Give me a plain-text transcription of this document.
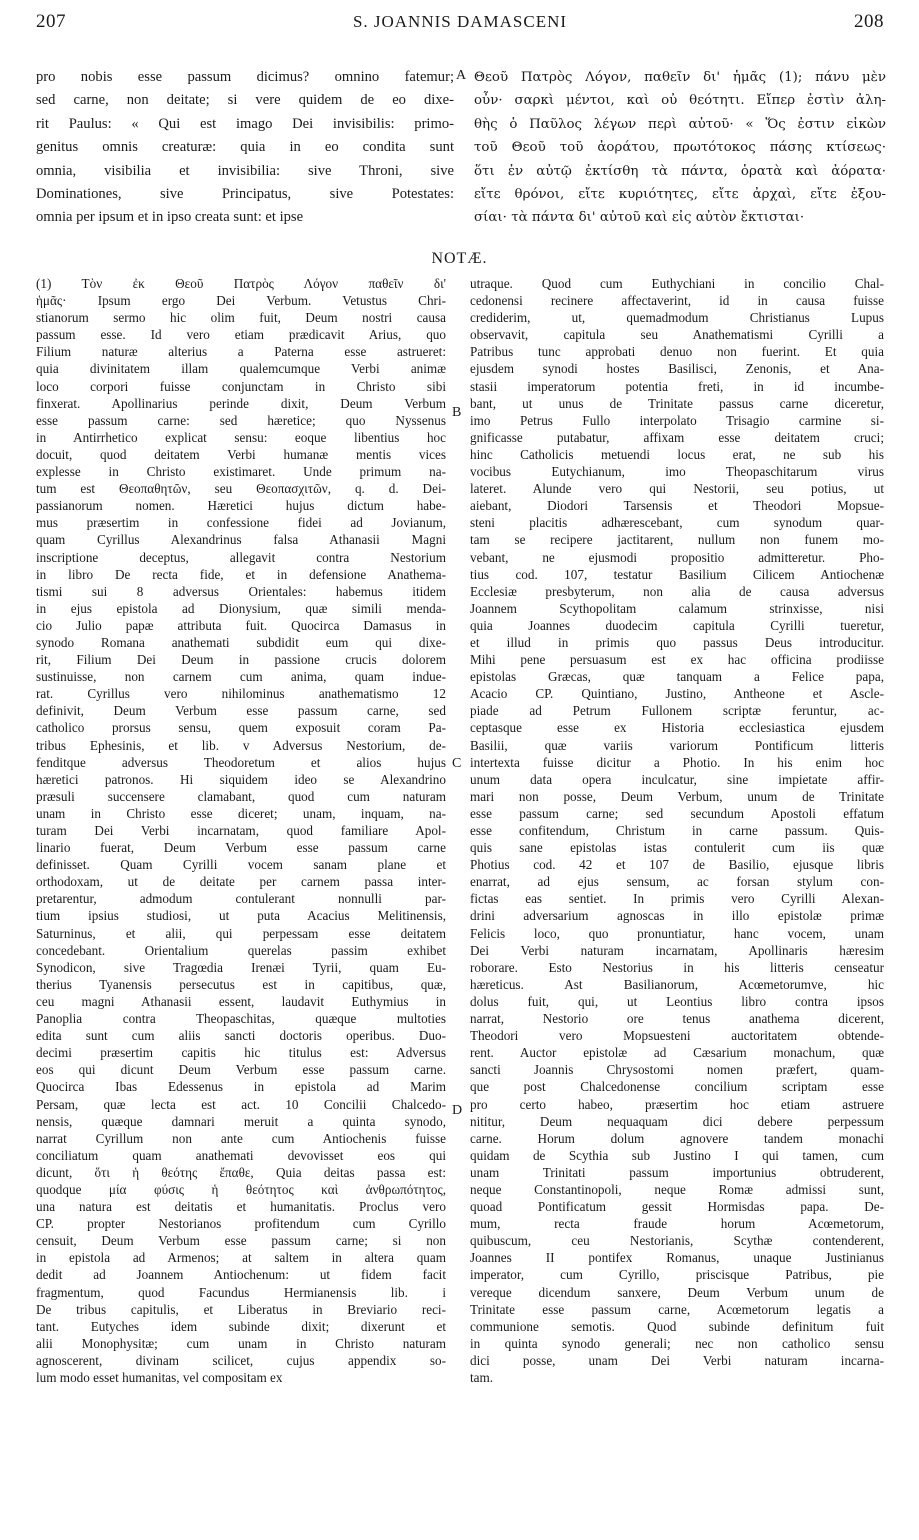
207	S. JOANNIS DAMASCENI	208
pro nobis esse passum dicimus? omnino fatemur;
sed carne, non deitate; si vere quidem de eo dixe-
rit Paulus: « Qui est imago Dei invisibilis: primo-
genitus omnis creaturæ: quia in eo condita sunt
omnia, visibilia et invisibilia: sive Throni, sive
Dominationes, sive Principatus, sive Potestates:
omnia per ipsum et in ipso creata sunt: et ipse
Θεοῦ Πατρὸς Λόγον, παθεῖν δι' ἡμᾶς (1); πάνυ μὲν
οὖν· σαρκὶ μέντοι, καὶ οὐ θεότητι. Εἴπερ ἐστὶν ἀλη-
θὴς ὁ Παῦλος λέγων περὶ αὐτοῦ· « Ὅς ἐστιν εἰκὼν
τοῦ Θεοῦ τοῦ ἀοράτου, πρωτότοκος πάσης κτίσεως·
ὅτι ἐν αὐτῷ ἐκτίσθη τὰ πάντα, ὁρατὰ καὶ ἀόρατα·
εἴτε θρόνοι, εἴτε κυριότητες, εἴτε ἀρχαὶ, εἴτε ἐξου-
σίαι· τὰ πάντα δι' αὐτοῦ καὶ εἰς αὐτὸν ἔκτισται·
A
B
C
D
NOTÆ.
(1) Τὸν ἐκ Θεοῦ Πατρὸς Λόγον παθεῖν δι'
ἡμᾶς· Ipsum ergo Dei Verbum. Vetustus Chri-
stianorum sermo hic olim fuit, Deum nostri causa
passum esse. Id vero etiam prædicavit Arius, quo
Filium naturæ alterius a Paterna esse astrueret:
quia divinitatem illam qualemcumque Verbi animæ
loco corpori fuisse conjunctam in Christo sibi
finxerat. Apollinarius perinde dixit, Deum Verbum
esse passum carne: sed hæretice; quo Nyssenus
in Antirrhetico explicat sensu: eoque libentius hoc
docuit, quod deitatem Verbi humanæ mentis vices
explesse in Christo existimaret. Unde primum na-
tum est Θεοπαθητῶν, seu Θεοπασχιτῶν, q. d. Dei-
passianorum nomen. Hæretici hujus dictum habe-
mus præsertim in confessione fidei ad Jovianum,
quam Cyrillus Alexandrinus falsa Athanasii Magni
inscriptione deceptus, allegavit contra Nestorium
in libro De recta fide, et in defensione Anathema-
tismi sui 8 adversus Orientales: habemus itidem
in ejus epistola ad Dionysium, quæ simili menda-
cio Julio papæ attributa fuit. Quocirca Damasus in
synodo Romana anathemati subdidit eum qui dixe-
rit, Filium Dei Deum in passione crucis dolorem
sustinuisse, non carnem cum anima, quam indue-
rat. Cyrillus vero nihilominus anathematismo 12
definivit, Deum Verbum esse passum carne, sed
catholico prorsus sensu, quem exposuit coram Pa-
tribus Ephesinis, et lib. v Adversus Nestorium, de-
fenditque adversus Theodoretum et alios hujus
hæretici patronos. Hi siquidem ideo se Alexandrino
præsuli succensere clamabant, quod cum naturam
unam in Christo esse diceret; unam, inquam, na-
turam Dei Verbi incarnatam, quod familiare Apol-
linario fuerat, Deum Verbum esse passum carne
definisset. Quam Cyrilli vocem sanam plane et
orthodoxam, ut de deitate per carnem passa inter-
pretarentur, admodum contulerant nonnulli par-
tium ipsius studiosi, ut puta Acacius Melitinensis,
Saturninus, et alii, qui perpessam esse deitatem
concedebant. Orientalium querelas passim exhibet
Synodicon, sive Tragœdia Irenæi Tyrii, quam Eu-
therius Tyanensis persecutus est in capitibus, quæ,
ceu magni Athanasii essent, laudavit Euthymius in
Panoplia contra Theopaschitas, quæque multoties
edita sunt cum aliis sancti doctoris operibus. Duo-
decimi præsertim capitis hic titulus est: Adversus
eos qui dicunt Deum Verbum esse passum carne.
Quocirca Ibas Edessenus in epistola ad Marim
Persam, quæ lecta est act. 10 Concilii Chalcedo-
nensis, quæque damnari meruit a quinta synodo,
narrat Cyrillum non ante cum Antiochenis fuisse
conciliatum quam anathemati devovisset eos qui
dicunt, ὅτι ἡ θεότης ἔπαθε, Quia deitas passa est:
quodque μία φύσις ἡ θεότητος καὶ ἀνθρωπότητος,
una natura est deitatis et humanitatis. Proclus vero
CP. propter Nestorianos profitendum cum Cyrillo
censuit, Deum Verbum esse passum carne; si non
in epistola ad Armenos; at saltem in altera quam
dedit ad Joannem Antiochenum: ut fidem facit
fragmentum, quod Facundus Hermianensis lib. i
De tribus capitulis, et Liberatus in Breviario reci-
tant. Eutyches idem subinde dixit; dixerunt et
alii Monophysitæ; cum unam in Christo naturam
agnoscerent, divinam scilicet, cujus appendix so-
lum modo esset humanitas, vel compositam ex
utraque. Quod cum Euthychiani in concilio Chal-
cedonensi recinere affectaverint, id in causa fuisse
crediderim, ut, quemadmodum Christianus Lupus
observavit, capitula seu Anathematismi Cyrilli a
Patribus tunc approbati denuo non fuerint. Et quia
ejusdem synodi hostes Basilisci, Zenonis, et Ana-
stasii imperatorum potentia freti, in id incumbe-
bant, ut unus de Trinitate passus carne diceretur,
imo Petrus Fullo interpolato Trisagio carmine si-
gnificasse putabatur, affixam esse deitatem cruci;
hinc Catholicis metuendi locus erat, ne sub his
vocibus Eutychianum, imo Theopaschitarum virus
lateret. Alunde vero qui Nestorii, seu potius, ut
aiebant, Diodori Tarsensis et Theodori Mopsue-
steni placitis adhærescebant, cum synodum quar-
tam se recipere jactitarent, nullum non funem mo-
vebant, ne ejusmodi propositio admitteretur. Pho-
tius cod. 107, testatur Basilium Cilicem Antiochenæ
Ecclesiæ presbyterum, non alia de causa adversus
Joannem Scythopolitam calamum strinxisse, nisi
quia Joannes duodecim capitula Cyrilli tueretur,
et illud in primis quo passus Deus introducitur.
Mihi pene persuasum est ex hac officina prodiisse
epistolas Græcas, quæ tanquam a Felice papa,
Acacio CP. Quintiano, Justino, Antheone et Ascle-
piade ad Petrum Fullonem scriptæ feruntur, ac-
ceptasque esse ex Historia ecclesiastica ejusdem
Basilii, quæ variis variorum Pontificum litteris
intertexta fuisse dicitur a Photio. In his enim hoc
unum data opera inculcatur, sine impietate affir-
mari non posse, Deum Verbum, unum de Trinitate
esse passum carne; sed secundum Apostoli effatum
esse confitendum, Christum in carne passum. Quis-
quis sane epistolas istas contulerit cum iis quæ
Photius cod. 42 et 107 de Basilio, ejusque libris
enarrat, ad ejus sensum, ac forsan stylum con-
fictas eas sentiet. In primis vero Cyrilli Alexan-
drini adversarium agnoscas in illo epistolæ primæ
Felicis loco, quo pronuntiatur, hanc vocem, unam
Dei Verbi naturam incarnatam, Apollinaris hæresim
roborare. Esto Nestorius in his litteris censeatur
hæreticus. Ast Basilianorum, Acœmetorumve, hic
dolus fuit, qui, ut Leontius libro contra ipsos
narrat, Nestorio ore tenus anathema dicerent,
Theodori vero Mopsuesteni auctoritatem obtende-
rent. Auctor epistolæ ad Cæsarium monachum, quæ
sancti Joannis Chrysostomi nomen præfert, quam-
que post Chalcedonense concilium scriptam esse
pro certo habeo, præsertim hoc etiam astruere
nititur, Deum nequaquam dici debere perpessum
carne. Horum dolum agnovere tandem monachi
quidam de Scythia sub Justino I qui tamen, cum
unam Trinitati passum importunius obtruderent,
neque Constantinopoli, neque Romæ admissi sunt,
quoad Pontificatum gessit Hormisdas papa. De-
mum, recta fraude horum Acœmetorum,
quibuscum, ceu Nestorianis, Scythæ contenderent,
Joannes II pontifex Romanus, unaque Justinianus
imperator, cum Cyrillo, priscisque Patribus, pie
vereque dicendum sanxere, Deum Verbum unum de
Trinitate esse passum carne, Acœmetorum legatis a
communione semotis. Quod subinde definitum fuit
in quinta synodo generali; nec non catholico sensu
dici posse, unam Dei Verbi naturam incarna-
tam.
